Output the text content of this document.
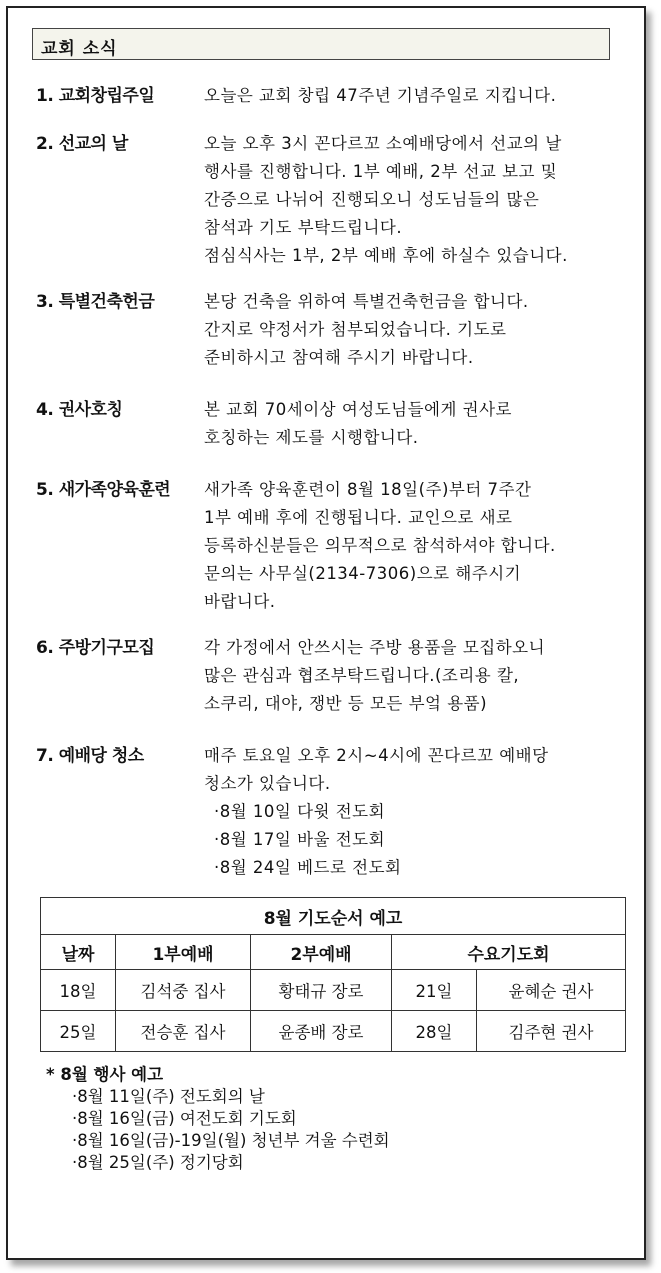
교회 소식
1. 교회창립주일	오늘은 교회 창립 47주년 기념주일로 지킵니다.
2. 선교의 날	오늘 오후 3시 꼰다르꼬 소예배당에서 선교의 날
행사를 진행합니다. 1부 예배, 2부 선교 보고 및
간증으로 나뉘어 진행되오니 성도님들의 많은
참석과 기도 부탁드립니다.
점심식사는 1부, 2부 예배 후에 하실수 있습니다.
3. 특별건축헌금	본당 건축을 위하여 특별건축헌금을 합니다.
간지로 약정서가 첨부되었습니다. 기도로
준비하시고 참여해 주시기 바랍니다.
4. 권사호칭	본 교회 70세이상 여성도님들에게 권사로
호칭하는 제도를 시행합니다.
5. 새가족양육훈련	새가족 양육훈련이 8월 18일(주)부터 7주간
1부 예배 후에 진행됩니다. 교인으로 새로
등록하신분들은 의무적으로 참석하셔야 합니다.
문의는 사무실(2134-7306)으로 해주시기
바랍니다.
6. 주방기구모집	각 가정에서 안쓰시는 주방 용품을 모집하오니
많은 관심과 협조부탁드립니다.(조리용 칼,
소쿠리, 대야, 쟁반 등 모든 부엌 용품)
7. 예배당 청소	매주 토요일 오후 2시~4시에 꼰다르꼬 예배당
청소가 있습니다.
·8월 10일 다윗 전도회
·8월 17일 바울 전도회
·8월 24일 베드로 전도회
8월 기도순서 예고				
날짜	1부예배	2부예배	수요기도회	
18일	김석중 집사	황태규 장로	21일	윤혜순 권사
25일	전승훈 집사	윤종배 장로	28일	김주현 권사
* 8월 행사 예고
·8월 11일(주) 전도회의 날
·8월 16일(금) 여전도회 기도회
·8월 16일(금)-19일(월) 청년부 겨울 수련회
·8월 25일(주) 정기당회
